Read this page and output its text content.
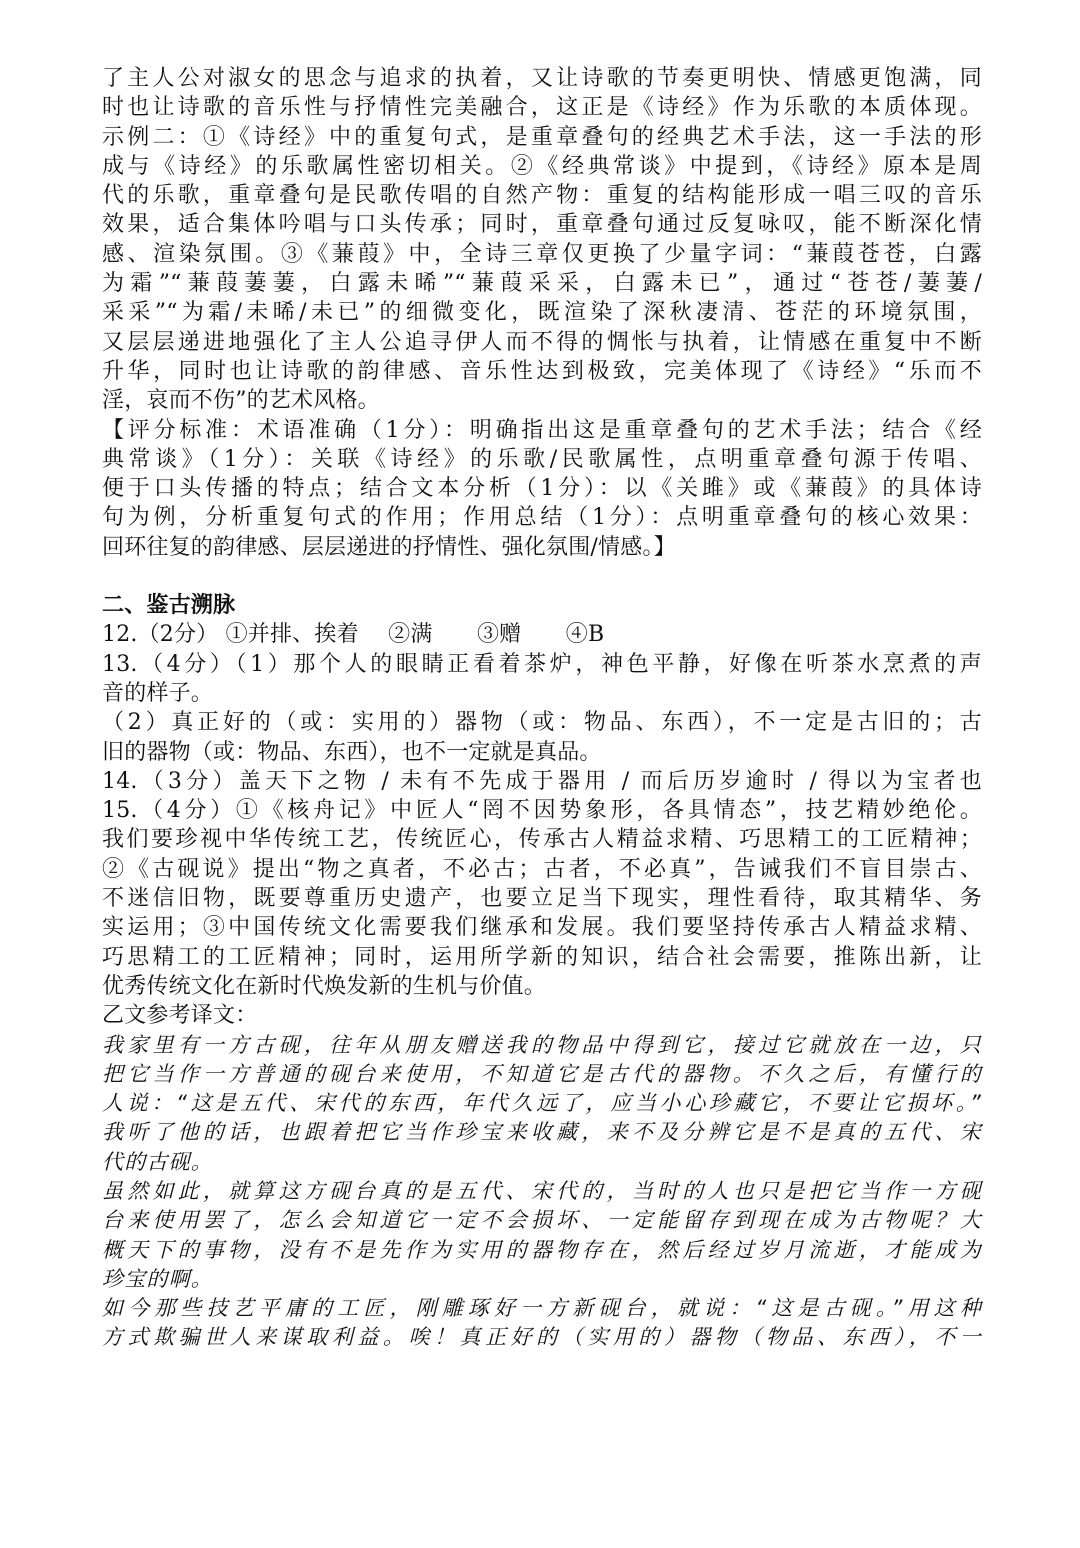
了主人公对淑女的思念与追求的执着，又让诗歌的节奏更明快、情感更饱满，同
时也让诗歌的音乐性与抒情性完美融合，这正是《诗经》作为乐歌的本质体现。
示例二：①《诗经》中的重复句式，是重章叠句的经典艺术手法，这一手法的形
成与《诗经》的乐歌属性密切相关。②《经典常谈》中提到，《诗经》原本是周
代的乐歌，重章叠句是民歌传唱的自然产物：重复的结构能形成一唱三叹的音乐
效果，适合集体吟唱与口头传承；同时，重章叠句通过反复咏叹，能不断深化情
感、渲染氛围。③《蒹葭》中，全诗三章仅更换了少量字词：“蒹葭苍苍，白露
为霜”“蒹葭萋萋，白露未晞”“蒹葭采采，白露未已”，通过“苍苍/萋萋/
采采”“为霜/未晞/未已”的细微变化，既渲染了深秋凄清、苍茫的环境氛围，
又层层递进地强化了主人公追寻伊人而不得的惆怅与执着，让情感在重复中不断
升华，同时也让诗歌的韵律感、音乐性达到极致，完美体现了《诗经》“乐而不
淫，哀而不伤”的艺术风格。
【评分标准：术语准确（1分）：明确指出这是重章叠句的艺术手法；结合《经
典常谈》（1分）：关联《诗经》的乐歌/民歌属性，点明重章叠句源于传唱、
便于口头传播的特点；结合文本分析（1分）：以《关雎》或《蒹葭》的具体诗
句为例，分析重复句式的作用；作用总结（1分）：点明重章叠句的核心效果：
回环往复的韵律感、层层递进的抒情性、强化氛围/情感。】
二、鉴古溯脉
12.（2分） ①并排、挨着　 ②满　　③赠　　④B
13.（4分）（1）那个人的眼睛正看着茶炉，神色平静，好像在听茶水烹煮的声
音的样子。
（2）真正好的（或：实用的）器物（或：物品、东西），不一定是古旧的；古
旧的器物（或：物品、东西），也不一定就是真品。
14.（3分）盖天下之物 / 未有不先成于器用 / 而后历岁逾时 / 得以为宝者也
15.（4分）①《核舟记》中匠人“罔不因势象形，各具情态”，技艺精妙绝伦。
我们要珍视中华传统工艺，传统匠心，传承古人精益求精、巧思精工的工匠精神；
②《古砚说》提出“物之真者，不必古；古者，不必真”，告诫我们不盲目崇古、
不迷信旧物，既要尊重历史遗产，也要立足当下现实，理性看待，取其精华、务
实运用；③中国传统文化需要我们继承和发展。我们要坚持传承古人精益求精、
巧思精工的工匠精神；同时，运用所学新的知识，结合社会需要，推陈出新，让
优秀传统文化在新时代焕发新的生机与价值。
乙文参考译文：
我家里有一方古砚，往年从朋友赠送我的物品中得到它，接过它就放在一边，只
把它当作一方普通的砚台来使用，不知道它是古代的器物。不久之后，有懂行的
人说：“这是五代、宋代的东西，年代久远了，应当小心珍藏它，不要让它损坏。”
我听了他的话，也跟着把它当作珍宝来收藏，来不及分辨它是不是真的五代、宋
代的古砚。
虽然如此，就算这方砚台真的是五代、宋代的，当时的人也只是把它当作一方砚
台来使用罢了，怎么会知道它一定不会损坏、一定能留存到现在成为古物呢？大
概天下的事物，没有不是先作为实用的器物存在，然后经过岁月流逝，才能成为
珍宝的啊。
如今那些技艺平庸的工匠，刚雕琢好一方新砚台，就说：“这是古砚。”用这种
方式欺骗世人来谋取利益。唉！真正好的（实用的）器物（物品、东西），不一
